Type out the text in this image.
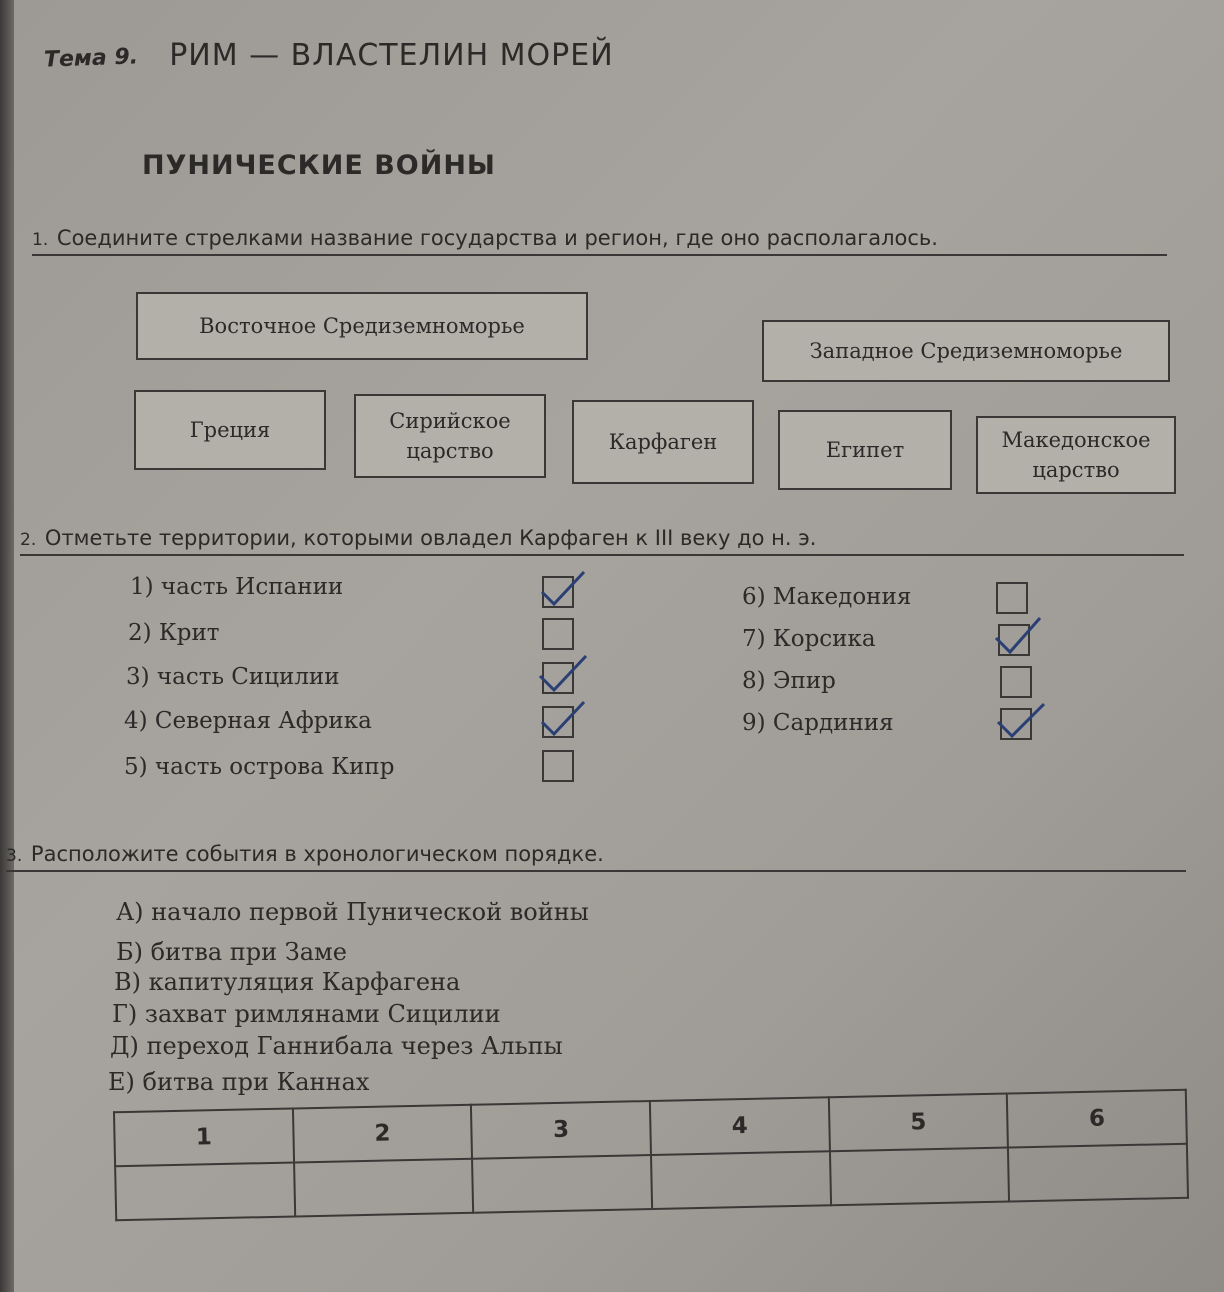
Тема 9. РИМ — ВЛАСТЕЛИН МОРЕЙ
ПУНИЧЕСКИЕ ВОЙНЫ
1. Соедините стрелками название государства и регион, где оно располагалось.
Восточное Средиземноморье
Западное Средиземноморье
Греция	Сирийское царство	Карфаген	Египет	Македонское царство
2. Отметьте территории, которыми овладел Карфаген к III веку до н. э.
1) часть Испании
2) Крит
3) часть Сицилии
4) Северная Африка
5) часть острова Кипр
6) Македония
7) Корсика
8) Эпир
9) Сардиния
3. Расположите события в хронологическом порядке.
А) начало первой Пунической войны
Б) битва при Заме
В) капитуляция Карфагена
Г) захват римлянами Сицилии
Д) переход Ганнибала через Альпы
Е) битва при Каннах
1	2	3	4	5	6
